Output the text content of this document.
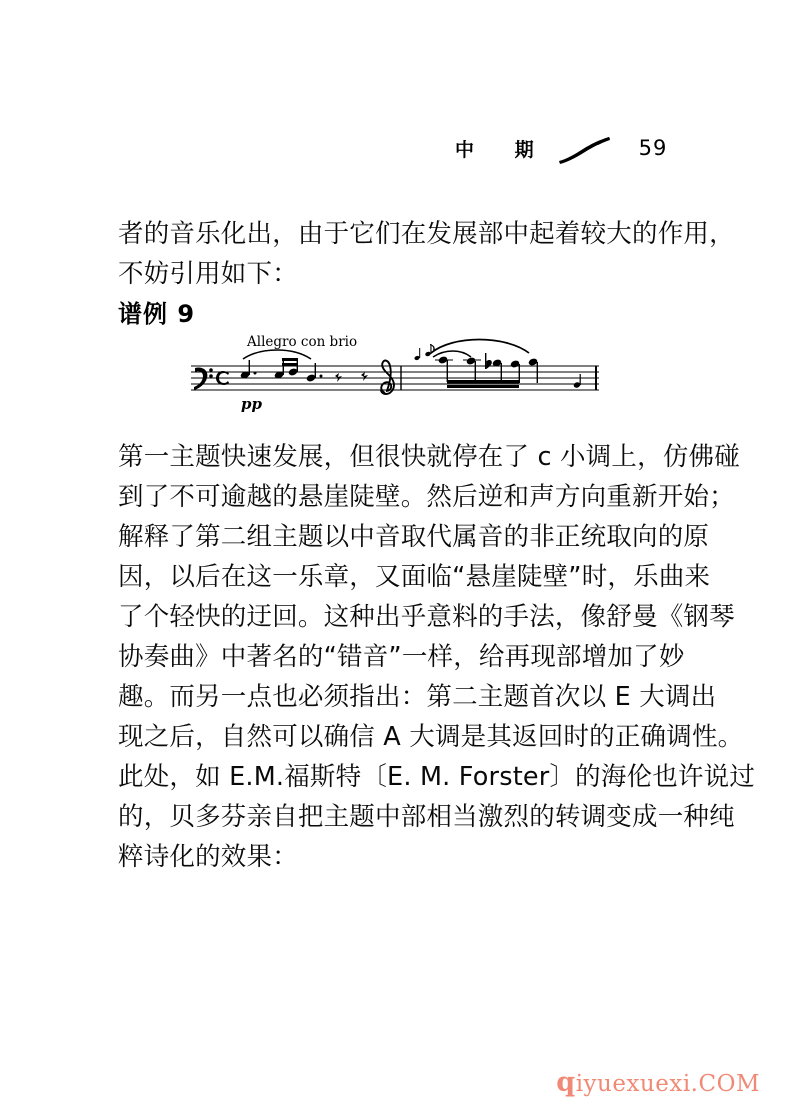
中 期	59
者的音乐化出，由于它们在发展部中起着较大的作用，
不妨引用如下：
谱例 9
Allegro con brio
pp
第一主题快速发展，但很快就停在了 c 小调上，仿佛碰
到了不可逾越的悬崖陡壁。然后逆和声方向重新开始；
解释了第二组主题以中音取代属音的非正统取向的原
因，以后在这一乐章，又面临“悬崖陡壁”时，乐曲来
了个轻快的迂回。这种出乎意料的手法，像舒曼《钢琴
协奏曲》中著名的“错音”一样，给再现部增加了妙
趣。而另一点也必须指出：第二主题首次以 E 大调出
现之后，自然可以确信 A 大调是其返回时的正确调性。
此处，如 E.M.福斯特〔E. M. Forster〕的海伦也许说过
的，贝多芬亲自把主题中部相当激烈的转调变成一种纯
粹诗化的效果：
qiyuexuexi.COM
